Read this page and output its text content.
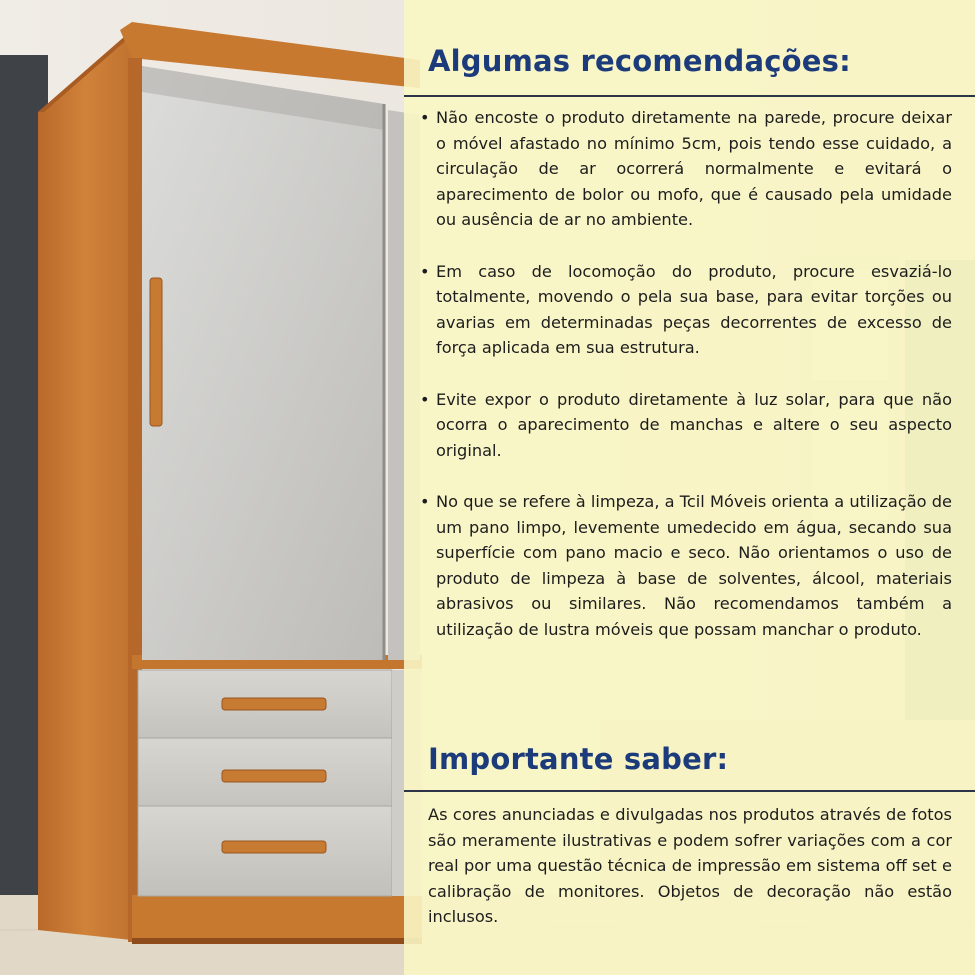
Algumas recomendações:
• Não encoste o produto diretamente na parede, procure deixar o móvel afastado no mínimo 5cm, pois tendo esse cuidado, a circulação de ar ocorrerá normalmente e evitará o aparecimento de bolor ou mofo, que é causado pela umidade ou ausência de ar no ambiente.
• Em caso de locomoção do produto, procure esvaziá-lo totalmente, movendo o pela sua base, para evitar torções ou avarias em determinadas peças decorrentes de excesso de força aplicada em sua estrutura.
• Evite expor o produto diretamente à luz solar, para que não ocorra o aparecimento de manchas e altere o seu aspecto original.
• No que se refere à limpeza, a Tcil Móveis orienta a utilização de um pano limpo, levemente umedecido em água, secando sua superfície com pano macio e seco. Não orientamos o uso de produto de limpeza à base de solventes, álcool, materiais abrasivos ou similares. Não recomendamos também a utilização de lustra móveis que possam manchar o produto.
Importante saber:

As cores anunciadas e divulgadas nos produtos através de fotos são meramente ilustrativas e podem sofrer variações com a cor real por uma questão técnica de impressão em sistema off set e calibração de monitores. Objetos de decoração não estão inclusos.
